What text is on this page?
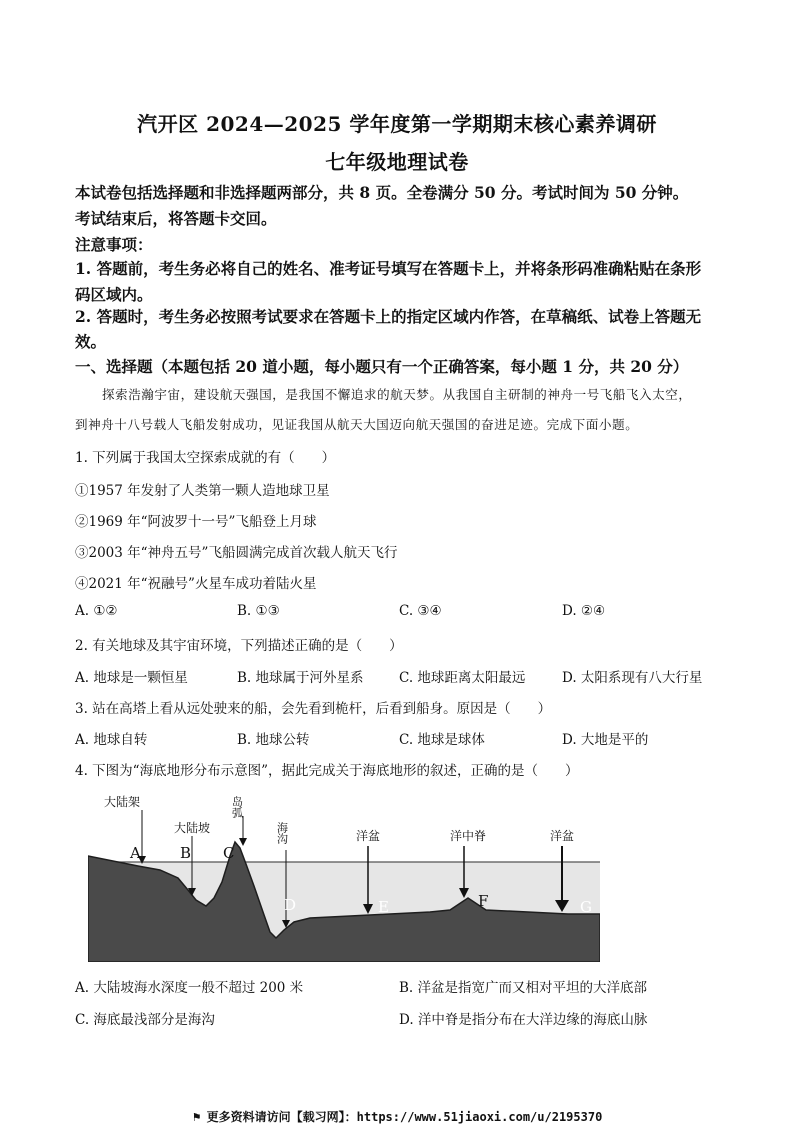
汽开区 2024—2025 学年度第一学期期末核心素养调研
七年级地理试卷
本试卷包括选择题和非选择题两部分，共 8 页。全卷满分 50 分。考试时间为 50 分钟。
考试结束后，将答题卡交回。
注意事项：
1. 答题前，考生务必将自己的姓名、准考证号填写在答题卡上，并将条形码准确粘贴在条形
码区域内。
2. 答题时，考生务必按照考试要求在答题卡上的指定区域内作答，在草稿纸、试卷上答题无
效。
一、选择题（本题包括 20 道小题，每小题只有一个正确答案，每小题 1 分，共 20 分）
探索浩瀚宇宙，建设航天强国，是我国不懈追求的航天梦。从我国自主研制的神舟一号飞船飞入太空，
到神舟十八号载人飞船发射成功，见证我国从航天大国迈向航天强国的奋进足迹。完成下面小题。
1. 下列属于我国太空探索成就的有（　　）
①1957 年发射了人类第一颗人造地球卫星
②1969 年“阿波罗十一号”飞船登上月球
③2003 年“神舟五号”飞船圆满完成首次载人航天飞行
④2021 年“祝融号”火星车成功着陆火星
A. ①②	B. ①③	C. ③④	D. ②④
2. 有关地球及其宇宙环境，下列描述正确的是（　　）
A. 地球是一颗恒星	B. 地球属于河外星系	C. 地球距离太阳最远	D. 太阳系现有八大行星
3. 站在高塔上看从远处驶来的船，会先看到桅杆，后看到船身。原因是（　　）
A. 地球自转	B. 地球公转	C. 地球是球体	D. 大地是平的
4. 下图为“海底地形分布示意图”，据此完成关于海底地形的叙述，正确的是（　　）
大陆架
大陆坡
岛弧
海沟	洋盆	洋中脊	洋盆
A	B C
D	E	F	G
A. 大陆坡海水深度一般不超过 200 米	B. 洋盆是指宽广而又相对平坦的大洋底部
C. 海底最浅部分是海沟	D. 洋中脊是指分布在大洋边缘的海底山脉
⚑ 更多资料请访问【载习网】：https://www.51jiaoxi.com/u/2195370
